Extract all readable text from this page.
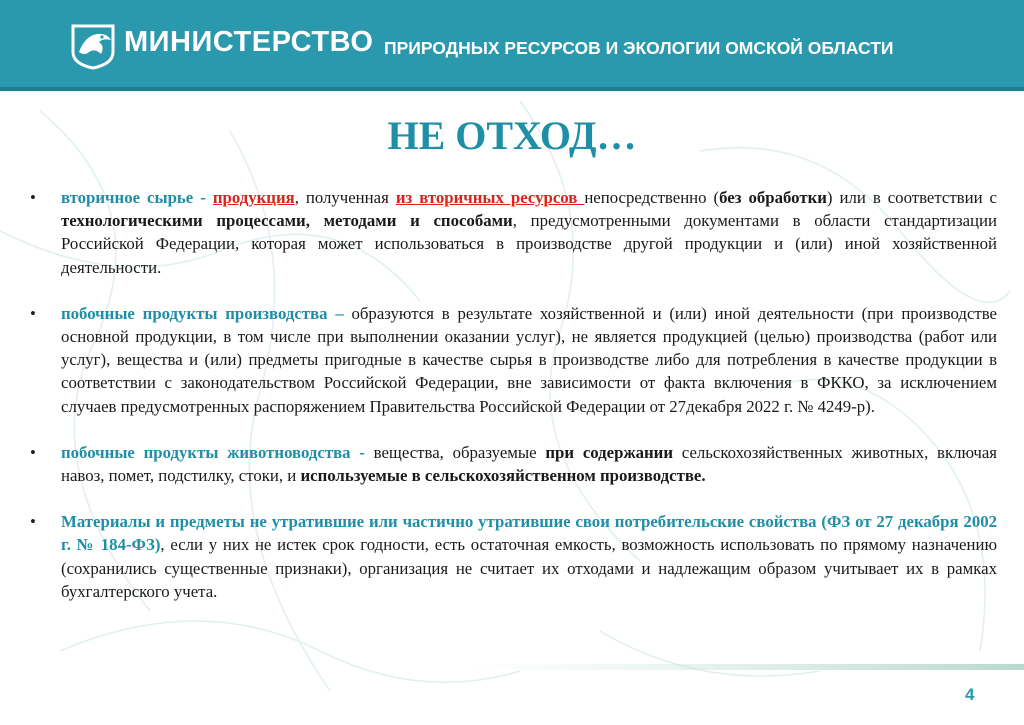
МИНИСТЕРСТВО ПРИРОДНЫХ РЕСУРСОВ И ЭКОЛОГИИ ОМСКОЙ ОБЛАСТИ
НЕ ОТХОД…
• вторичное сырье - продукция, полученная из вторичных ресурсов непосредственно (без обработки) или в соответствии с технологическими процессами, методами и способами, предусмотренными документами в области стандартизации Российской Федерации, которая может использоваться в производстве другой продукции и (или) иной хозяйственной деятельности.
• побочные продукты производства – образуются в результате хозяйственной и (или) иной деятельности (при производстве основной продукции, в том числе при выполнении оказании услуг), не является продукцией (целью) производства (работ или услуг), вещества и (или) предметы пригодные в качестве сырья в производстве либо для потребления в качестве продукции в соответствии с законодательством Российской Федерации, вне зависимости от факта включения в ФККО, за исключением случаев предусмотренных распоряжением Правительства Российской Федерации от 27декабря 2022 г. № 4249-р).
• побочные продукты животноводства - вещества, образуемые при содержании сельскохозяйственных животных, включая навоз, помет, подстилку, стоки, и используемые в сельскохозяйственном производстве.
• Материалы и предметы не утратившие или частично утратившие свои потребительские свойства (ФЗ от 27 декабря 2002 г. № 184-ФЗ), если у них не истек срок годности, есть остаточная емкость, возможность использовать по прямому назначению (сохранились существенные признаки), организация не считает их отходами и надлежащим образом учитывает их в рамках бухгалтерского учета.
4
